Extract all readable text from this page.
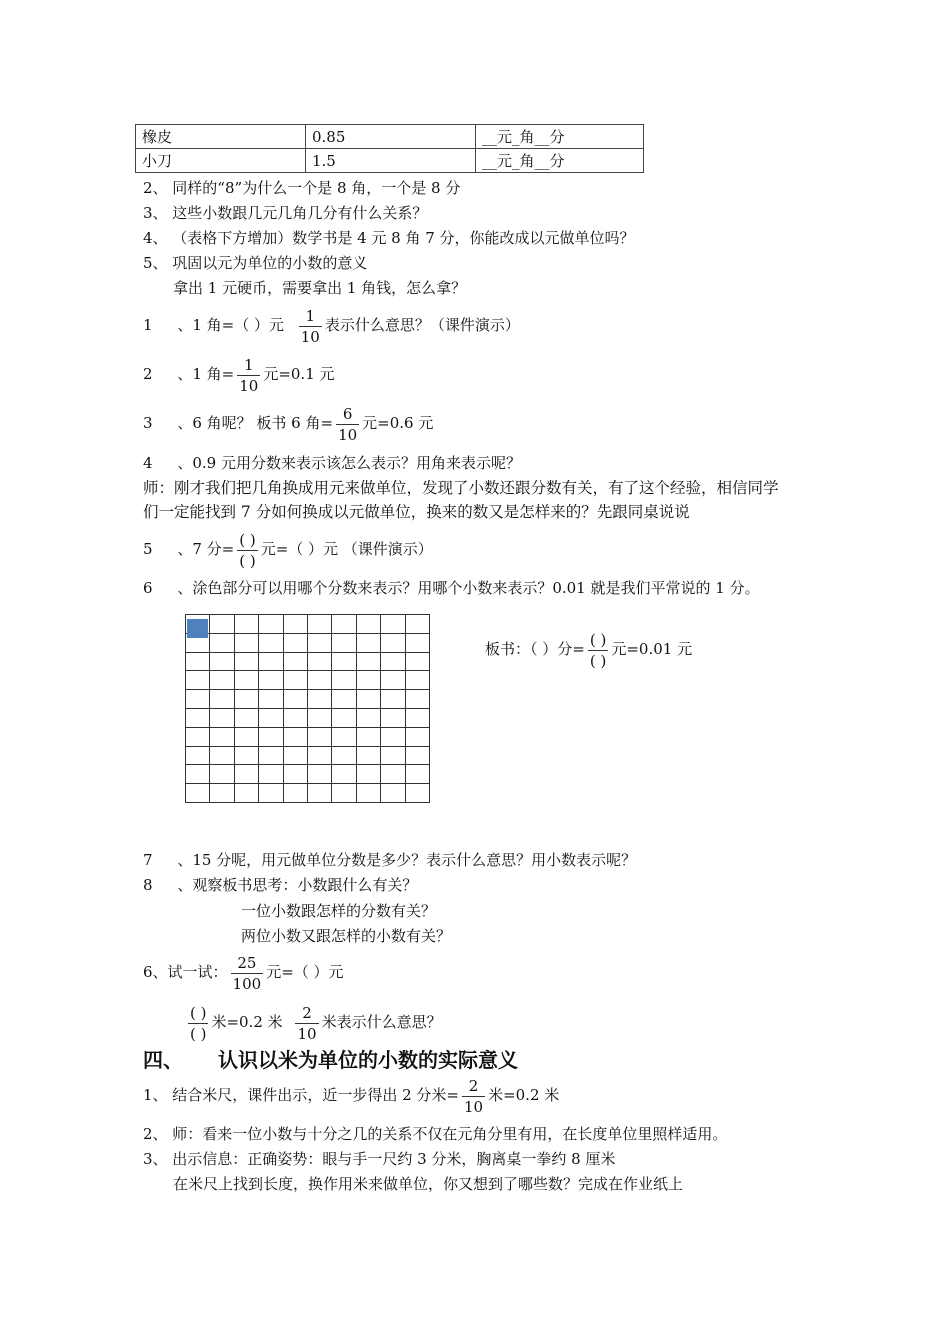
橡皮	0.85	__元_角__分
小刀	1.5	__元_角__分
2、 同样的“8”为什么一个是 8 角，一个是 8 分
3、 这些小数跟几元几角几分有什么关系？
4、 （表格下方增加）数学书是 4 元 8 角 7 分，你能改成以元做单位吗？
5、 巩固以元为单位的小数的意义
拿出 1 元硬币，需要拿出 1 角钱，怎么拿？
1 、1 角=（ ）元 $\frac{1}{10}$ 表示什么意思？（课件演示）
2 、1 角= $\frac{1}{10}$ 元=0.1 元
3 、6 角呢？ 板书 6 角= $\frac{6}{10}$ 元=0.6 元
4 、0.9 元用分数来表示该怎么表示？用角来表示呢？
师：刚才我们把几角换成用元来做单位，发现了小数还跟分数有关，有了这个经验，相信同学
们一定能找到 7 分如何换成以元做单位，换来的数又是怎样来的？先跟同桌说说
5 、7 分= $\frac{( )}{( )}$ 元=（ ）元 （课件演示）
6 、涂色部分可以用哪个分数来表示？用哪个小数来表示？0.01 就是我们平常说的 1 分。

板书：（ ）分= $\frac{( )}{( )}$ 元=0.01 元
7 、15 分呢，用元做单位分数是多少？表示什么意思？用小数表示呢？
8 、观察板书思考：小数跟什么有关？
一位小数跟怎样的分数有关？
两位小数又跟怎样的小数有关？
6、试一试： $\frac{25}{100}$ 元=（ ）元
$\frac{( )}{( )}$ 米=0.2 米 $\frac{2}{10}$ 米表示什么意思？
四、 认识以米为单位的小数的实际意义
1、 结合米尺，课件出示，近一步得出 2 分米= $\frac{2}{10}$ 米=0.2 米
2、 师：看来一位小数与十分之几的关系不仅在元角分里有用，在长度单位里照样适用。
3、 出示信息：正确姿势：眼与手一尺约 3 分米，胸离桌一拳约 8 厘米
在米尺上找到长度，换作用米来做单位，你又想到了哪些数？完成在作业纸上
